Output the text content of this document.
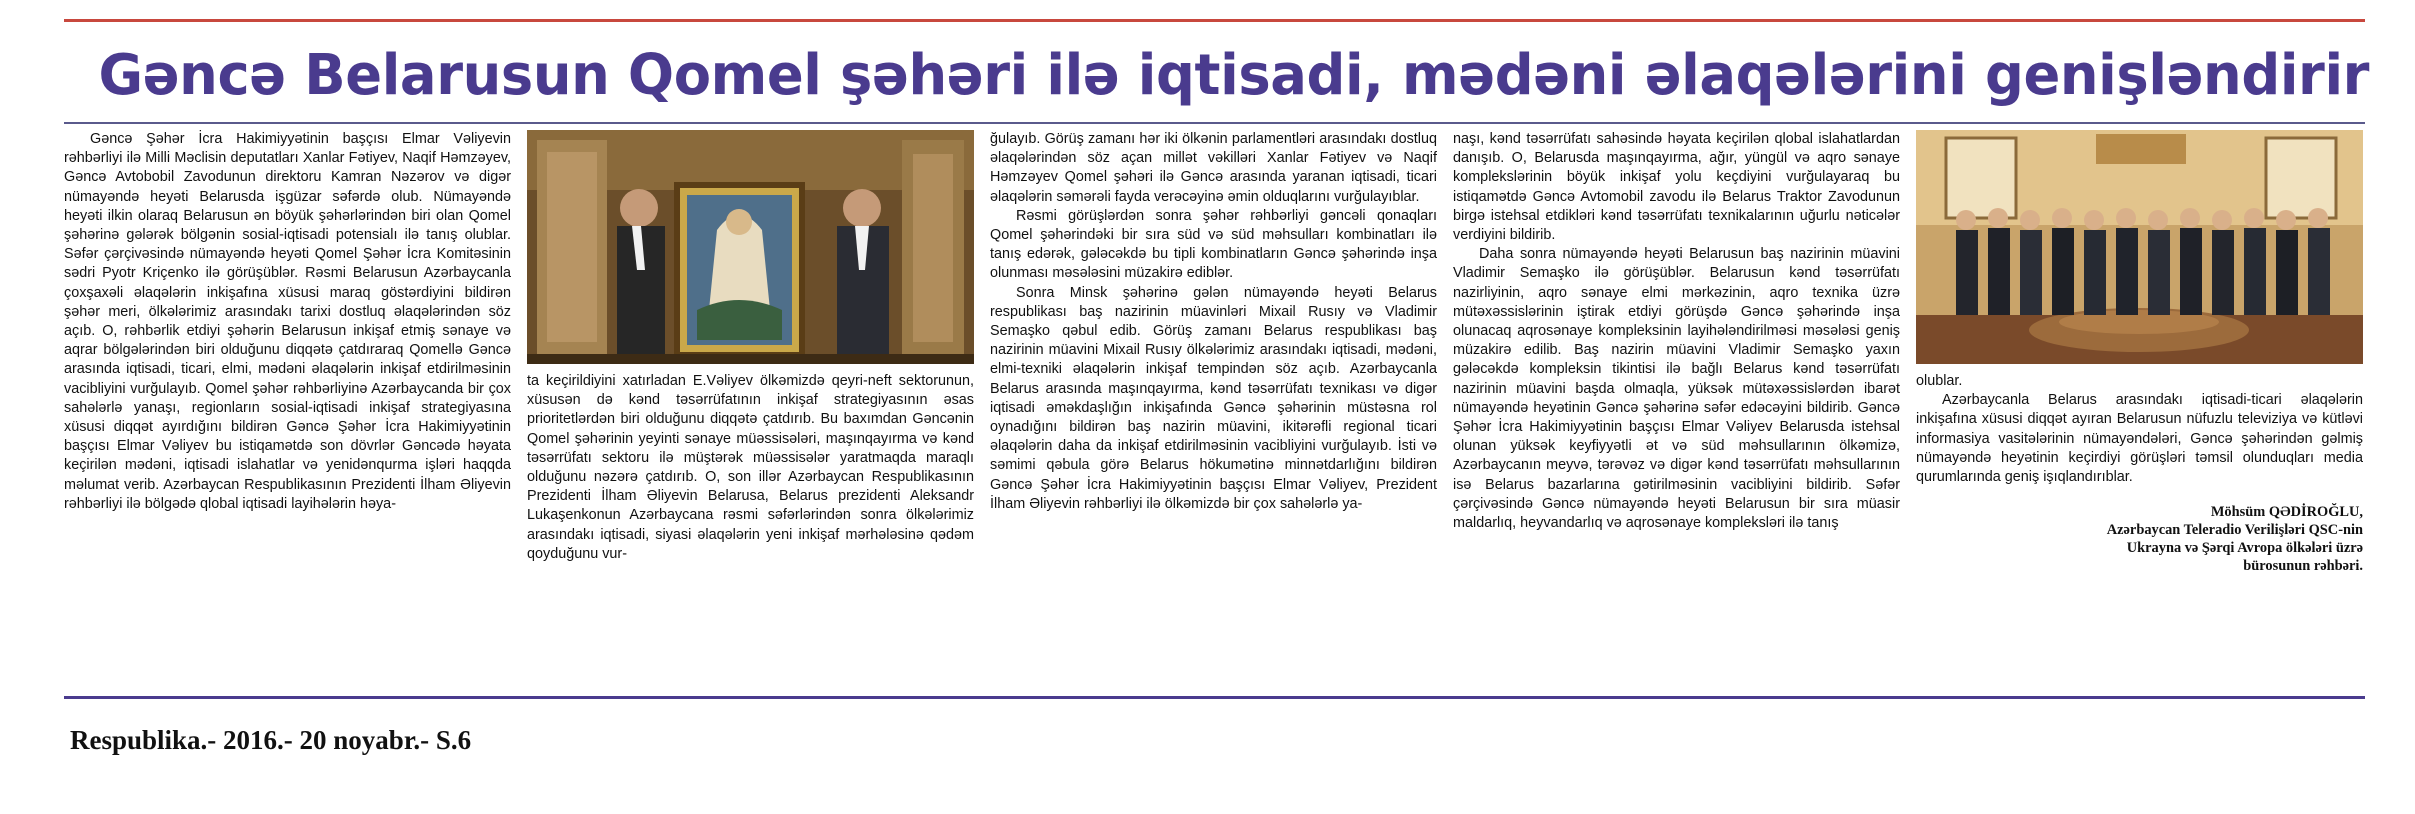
Gəncə Belarusun Qomel şəhəri ilə iqtisadi, mədəni əlaqələrini genişləndirir

Gəncə Şəhər İcra Hakimiyyətinin başçısı Elmar Vəliyevin rəhbərliyi ilə Milli Məclisin deputatları Xanlar Fətiyev, Naqif Həmzəyev, Gəncə Avtobobil Zavodunun direktoru Kamran Nəzərov və digər nümayəndə heyəti Belarusda işgüzar səfərdə olub. Nümayəndə heyəti ilkin olaraq Belarusun ən böyük şəhərlərindən biri olan Qomel şəhərinə gələrək bölgənin sosial-iqtisadi potensialı ilə tanış olublar. Səfər çərçivəsində nümayəndə heyəti Qomel Şəhər İcra Komitəsinin sədri Pyotr Kriçenko ilə görüşüblər. Rəsmi Belarusun Azərbaycanla çoxşaxəli əlaqələrin inkişafına xüsusi maraq göstərdiyini bildirən şəhər meri, ölkələrimiz arasındakı tarixi dostluq əlaqələrindən söz açıb. O, rəhbərlik etdiyi şəhərin Belarusun inkişaf etmiş sənaye və aqrar bölgələrindən biri olduğunu diqqətə çatdıraraq Qomellə Gəncə arasında iqtisadi, ticari, elmi, mədəni əlaqələrin inkişaf etdirilməsinin vacibliyini vurğulayıb. Qomel şəhər rəhbərliyinə Azərbaycanda bir çox sahələrlə yanaşı, regionların sosial-iqtisadi inkişaf strategiyasına xüsusi diqqət ayırdığını bildirən Gəncə Şəhər İcra Hakimiyyətinin başçısı Elmar Vəliyev bu istiqamətdə son dövrlər Gəncədə həyata keçirilən mədəni, iqtisadi islahatlar və yenidənqurma işləri haqqda məlumat verib. Azərbaycan Respublikasının Prezidenti İlham Əliyevin rəhbərliyi ilə bölgədə qlobal iqtisadi layihələrin həya-

ta keçirildiyini xatırladan E.Vəliyev ölkəmizdə qeyri-neft sektorunun, xüsusən də kənd təsərrüfatının inkişaf strategiyasının əsas prioritetlərdən biri olduğunu diqqətə çatdırıb. Bu baxımdan Gəncənin Qomel şəhərinin yeyinti sənaye müəssisələri, maşınqayırma və kənd təsərrüfatı sektoru ilə müştərək müəssisələr yaratmaqda maraqlı olduğunu nəzərə çatdırıb. O, son illər Azərbaycan Respublikasının Prezidenti İlham Əliyevin Belarusa, Belarus prezidenti Aleksandr Lukaşenkonun Azərbaycana rəsmi səfərlərindən sonra ölkələrimiz arasındakı iqtisadi, siyasi əlaqələrin yeni inkişaf mərhələsinə qədəm qoyduğunu vur-

ğulayıb. Görüş zamanı hər iki ölkənin parlamentləri arasındakı dostluq əlaqələrindən söz açan millət vəkilləri Xanlar Fətiyev və Naqif Həmzəyev Qomel şəhəri ilə Gəncə arasında yaranan iqtisadi, ticari əlaqələrin səmərəli fayda verəcəyinə əmin olduqlarını vurğulayıblar.

Rəsmi görüşlərdən sonra şəhər rəhbərliyi gəncəli qonaqları Qomel şəhərindəki bir sıra süd və süd məhsulları kombinatları ilə tanış edərək, gələcəkdə bu tipli kombinatların Gəncə şəhərində inşa olunması məsələsini müzakirə ediblər.

Sonra Minsk şəhərinə gələn nümayəndə heyəti Belarus respublikası baş nazirinin müavinləri Mixail Rusıy və Vladimir Semaşko qəbul edib. Görüş zamanı Belarus respublikası baş nazirinin müavini Mixail Rusıy ölkələrimiz arasındakı iqtisadi, mədəni, elmi-texniki əlaqələrin inkişaf tempindən söz açıb. Azərbaycanla Belarus arasında maşınqayırma, kənd təsərrüfatı texnikası və digər iqtisadi əməkdaşlığın inkişafında Gəncə şəhərinin müstəsna rol oynadığını bildirən baş nazirin müavini, ikitərəfli regional ticari əlaqələrin daha da inkişaf etdirilməsinin vacibliyini vurğulayıb. İsti və səmimi qəbula görə Belarus hökumətinə minnətdarlığını bildirən Gəncə Şəhər İcra Hakimiyyətinin başçısı Elmar Vəliyev, Prezident İlham Əliyevin rəhbərliyi ilə ölkəmizdə bir çox sahələrlə ya-

naşı, kənd təsərrüfatı sahəsində həyata keçirilən qlobal islahatlardan danışıb. O, Belarusda maşınqayırma, ağır, yüngül və aqro sənaye komplekslərinin böyük inkişaf yolu keçdiyini vurğulayaraq bu istiqamətdə Gəncə Avtomobil zavodu ilə Belarus Traktor Zavodunun birgə istehsal etdikləri kənd təsərrüfatı texnikalarının uğurlu nəticələr verdiyini bildirib.

Daha sonra nümayəndə heyəti Belarusun baş nazirinin müavini Vladimir Semaşko ilə görüşüblər. Belarusun kənd təsərrüfatı nazirliyinin, aqro sənaye elmi mərkəzinin, aqro texnika üzrə mütəxəssislərinin iştirak etdiyi görüşdə Gəncə şəhərində inşa olunacaq aqrosənaye kompleksinin layihələndirilməsi məsələsi geniş müzakirə edilib. Baş nazirin müavini Vladimir Semaşko yaxın gələcəkdə kompleksin tikintisi ilə bağlı Belarus kənd təsərrüfatı nazirinin müavini başda olmaqla, yüksək mütəxəssislərdən ibarət nümayəndə heyətinin Gəncə şəhərinə səfər edəcəyini bildirib. Gəncə Şəhər İcra Hakimiyyətinin başçısı Elmar Vəliyev Belarusda istehsal olunan yüksək keyfiyyətli ət və süd məhsullarının ölkəmizə, Azərbaycanın meyvə, tərəvəz və digər kənd təsərrüfatı məhsullarının isə Belarus bazarlarına gətirilməsinin vacibliyini bildirib. Səfər çərçivəsində Gəncə nümayəndə heyəti Belarusun bir sıra müasir maldarlıq, heyvandarlıq və aqrosənaye kompleksləri ilə tanış

olublar.

Azərbaycanla Belarus arasındakı iqtisadi-ticari əlaqələrin inkişafına xüsusi diqqət ayıran Belarusun nüfuzlu televiziya və kütləvi informasiya vasitələrinin nümayəndələri, Gəncə şəhərindən gəlmiş nümayəndə heyətinin keçirdiyi görüşləri təmsil olunduqları media qurumlarında geniş işıqlandırıblar.

Möhsüm QƏDİROĞLU,
Azərbaycan Teleradio Verilişləri QSC-nin
Ukrayna və Şərqi Avropa ölkələri üzrə
bürosunun rəhbəri.

Respublika.- 2016.- 20 noyabr.- S.6
